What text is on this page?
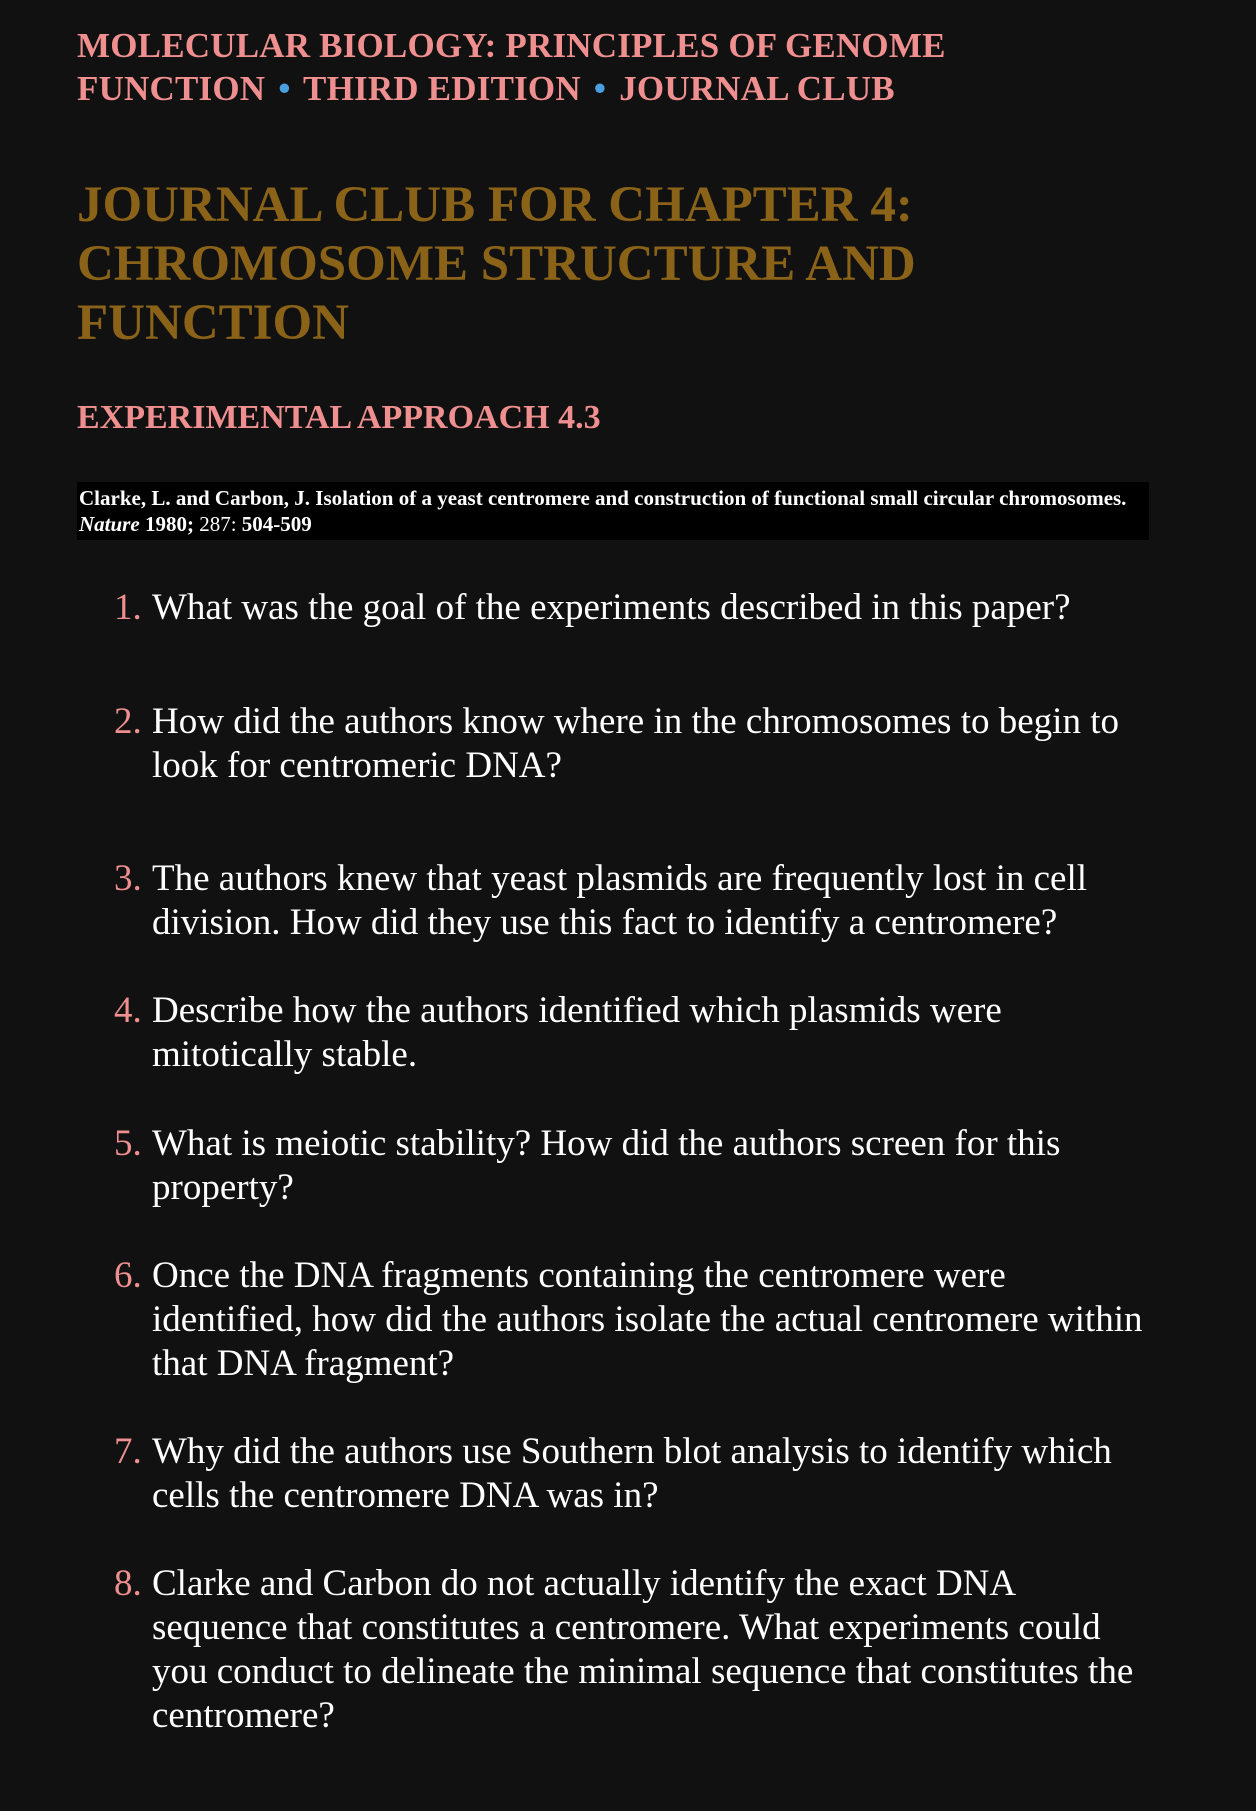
MOLECULAR BIOLOGY: PRINCIPLES OF GENOME FUNCTION • THIRD EDITION • JOURNAL CLUB
JOURNAL CLUB FOR CHAPTER 4: CHROMOSOME STRUCTURE AND FUNCTION
EXPERIMENTAL APPROACH 4.3
Clarke, L. and Carbon, J. Isolation of a yeast centromere and construction of functional small circular chromosomes. Nature 1980; 287: 504-509
1. What was the goal of the experiments described in this paper?
2. How did the authors know where in the chromosomes to begin to look for centromeric DNA?
3. The authors knew that yeast plasmids are frequently lost in cell division. How did they use this fact to identify a centromere?
4. Describe how the authors identified which plasmids were mitotically stable.
5. What is meiotic stability? How did the authors screen for this property?
6. Once the DNA fragments containing the centromere were identified, how did the authors isolate the actual centromere within that DNA fragment?
7. Why did the authors use Southern blot analysis to identify which cells the centromere DNA was in?
8. Clarke and Carbon do not actually identify the exact DNA sequence that constitutes a centromere. What experiments could you conduct to delineate the minimal sequence that constitutes the centromere?
